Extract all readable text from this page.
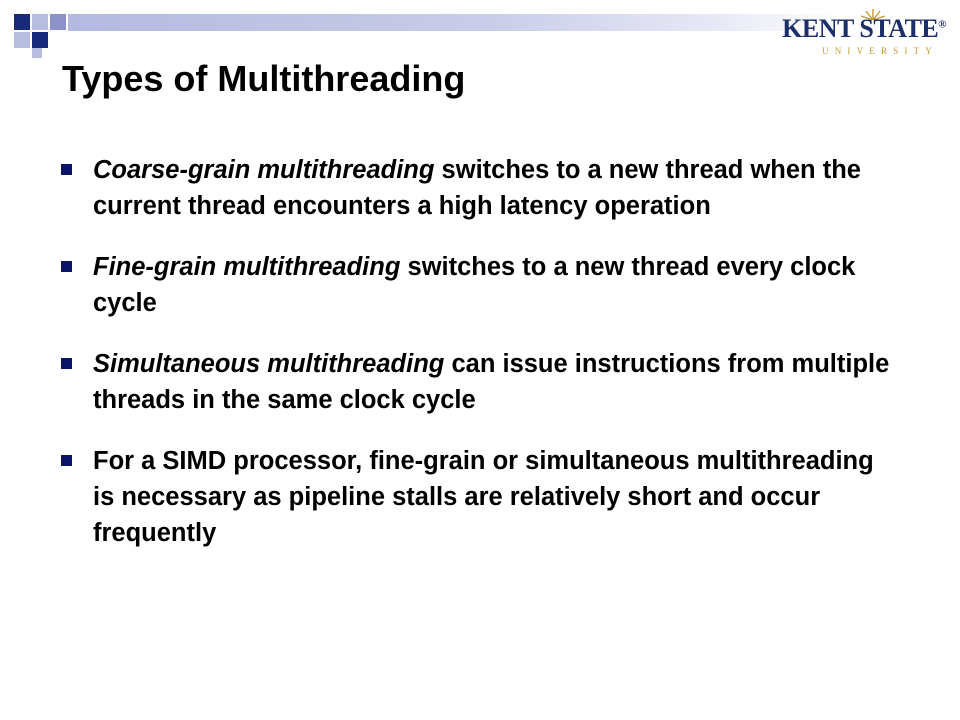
KENT STATE®
UNIVERSITY
Types of Multithreading
Coarse-grain multithreading switches to a new thread when the current thread encounters a high latency operation
Fine-grain multithreading switches to a new thread every clock cycle
Simultaneous multithreading can issue instructions from multiple threads in the same clock cycle
For a SIMD processor, fine-grain or simultaneous multithreading is necessary as pipeline stalls are relatively short and occur frequently
